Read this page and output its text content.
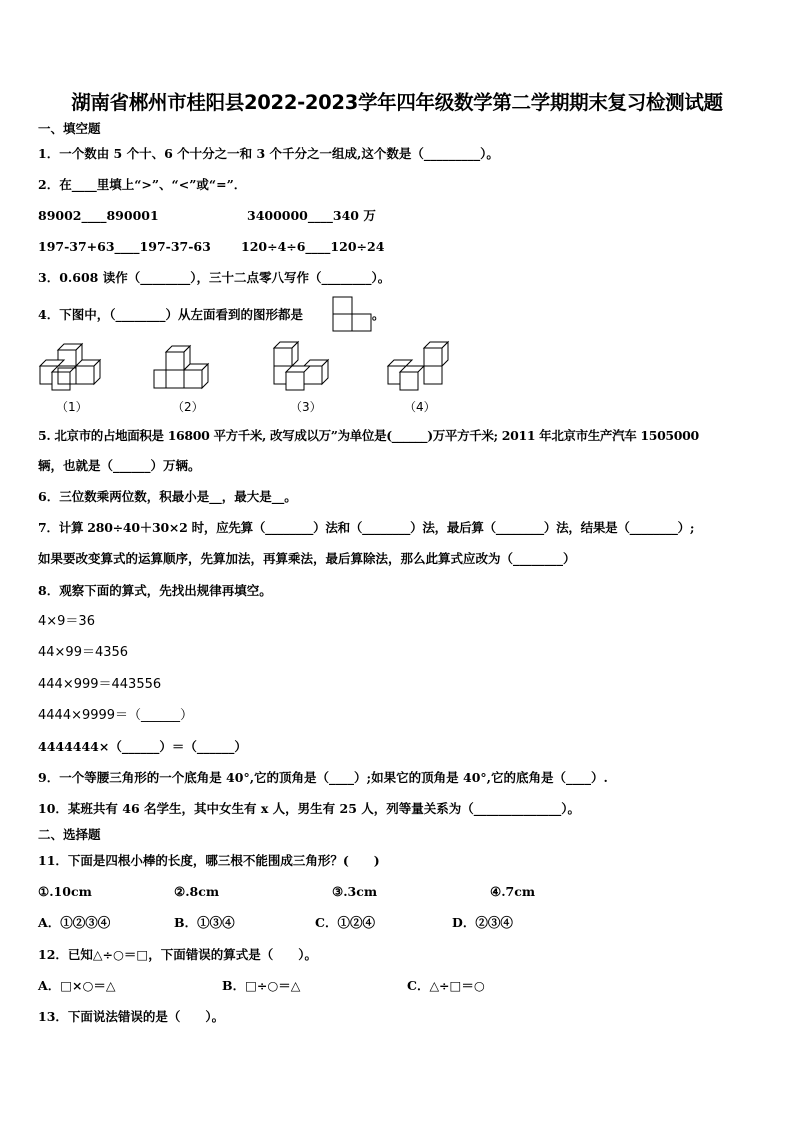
湖南省郴州市桂阳县2022-2023学年四年级数学第二学期期末复习检测试题
一、填空题
1．一个数由 5 个十、6 个十分之一和 3 个千分之一组成,这个数是（_________）。
2．在____里填上“>”、“<”或“=”．
89002____890001	3400000____340 万
197-37+63____197-37-63 120÷4÷6____120÷24
3．0.608 读作（________），三十二点零八写作（________）。
4．下图中，（________）从左面看到的图形都是	。
（1）	（2）	（3）	（4）
5. 北京市的占地面积是 16800 平方千米, 改写成以万”为单位是(______)万平方千米; 2011 年北京市生产汽车 1505000
辆，也就是（______）万辆。
6．三位数乘两位数，积最小是__，最大是__。
7．计算 280÷40＋30×2 时，应先算（________）法和（________）法，最后算（________）法，结果是（________）;
如果要改变算式的运算顺序，先算加法，再算乘法，最后算除法，那么此算式应改为（________）
8．观察下面的算式，先找出规律再填空。
4×9＝36
44×99＝4356
444×999＝443556
4444×9999＝（______）
4444444×（______）＝（______）
9．一个等腰三角形的一个底角是 40°,它的顶角是（____）;如果它的顶角是 40°,它的底角是（____）.
10．某班共有 46 名学生，其中女生有 x 人，男生有 25 人，列等量关系为（______________）。
二、选择题
11．下面是四根小棒的长度，哪三根不能围成三角形？(　　)
①.10cm	②.8cm	③.3cm	④.7cm
A．①②③④	B．①③④	C．①②④	D．②③④
12．已知△÷○＝□，下面错误的算式是（　　）。
A．□×○＝△	B．□÷○＝△	C．△÷□＝○
13．下面说法错误的是（　　）。
